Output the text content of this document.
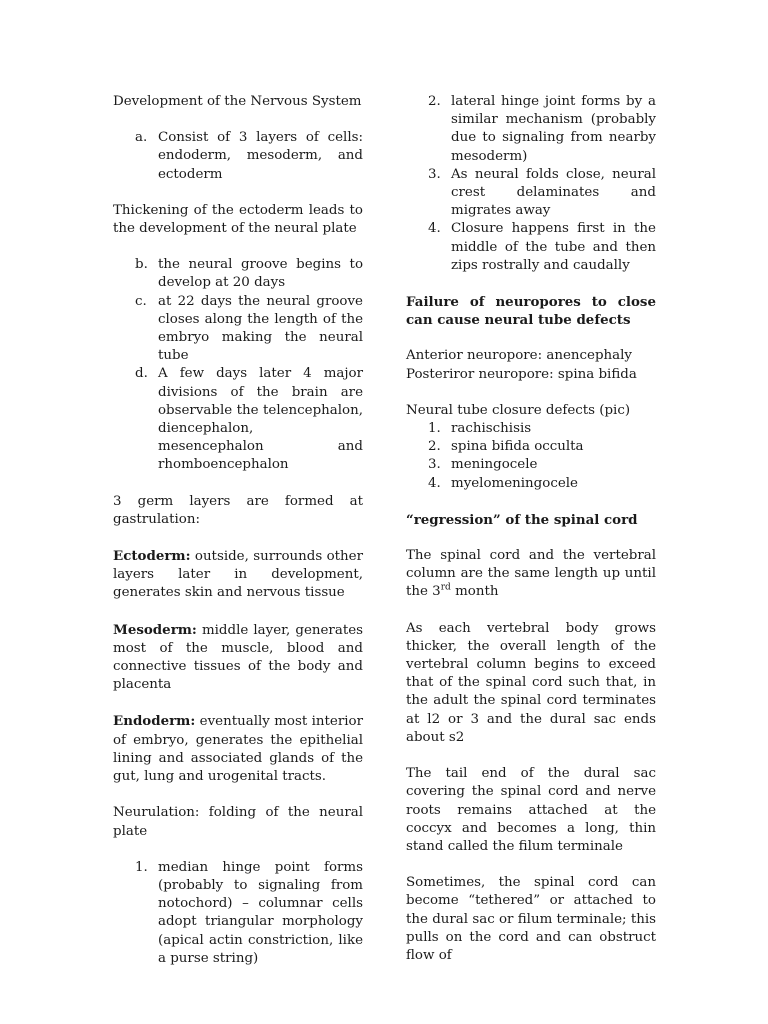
Development of the Nervous System

a. Consist of 3 layers of cells: endoderm, mesoderm, and ectoderm

Thickening of the ectoderm leads to the development of the neural plate

b. the neural groove begins to develop at 20 days
c. at 22 days the neural groove closes along the length of the embryo making the neural tube
d. A few days later 4 major divisions of the brain are observable the telencephalon, diencephalon, mesencephalon and rhomboencephalon

3 germ layers are formed at gastrulation:

Ectoderm: outside, surrounds other layers later in development, generates skin and nervous tissue

Mesoderm: middle layer, generates most of the muscle, blood and connective tissues of the body and placenta

Endoderm: eventually most interior of embryo, generates the epithelial lining and associated glands of the gut, lung and urogenital tracts.

Neurulation: folding of the neural plate

1. median hinge point forms (probably to signaling from notochord) – columnar cells adopt triangular morphology (apical actin constriction, like a purse string)
2. lateral hinge joint forms by a similar mechanism (probably due to signaling from nearby mesoderm)
3. As neural folds close, neural crest delaminates and migrates away
4. Closure happens first in the middle of the tube and then zips rostrally and caudally

Failure of neuropores to close can cause neural tube defects

Anterior neuropore: anencephaly
Posteriror neuropore: spina bifida

Neural tube closure defects (pic)

1. rachischisis
2. spina bifida occulta
3. meningocele
4. myelomeningocele

“regression” of the spinal cord

The spinal cord and the vertebral column are the same length up until the 3rd month

As each vertebral body grows thicker, the overall length of the vertebral column begins to exceed that of the spinal cord such that, in the adult the spinal cord terminates at l2 or 3 and the dural sac ends about s2

The tail end of the dural sac covering the spinal cord and nerve roots remains attached at the coccyx and becomes a long, thin stand called the filum terminale

Sometimes, the spinal cord can become “tethered” or attached to the dural sac or filum terminale; this pulls on the cord and can obstruct flow of
